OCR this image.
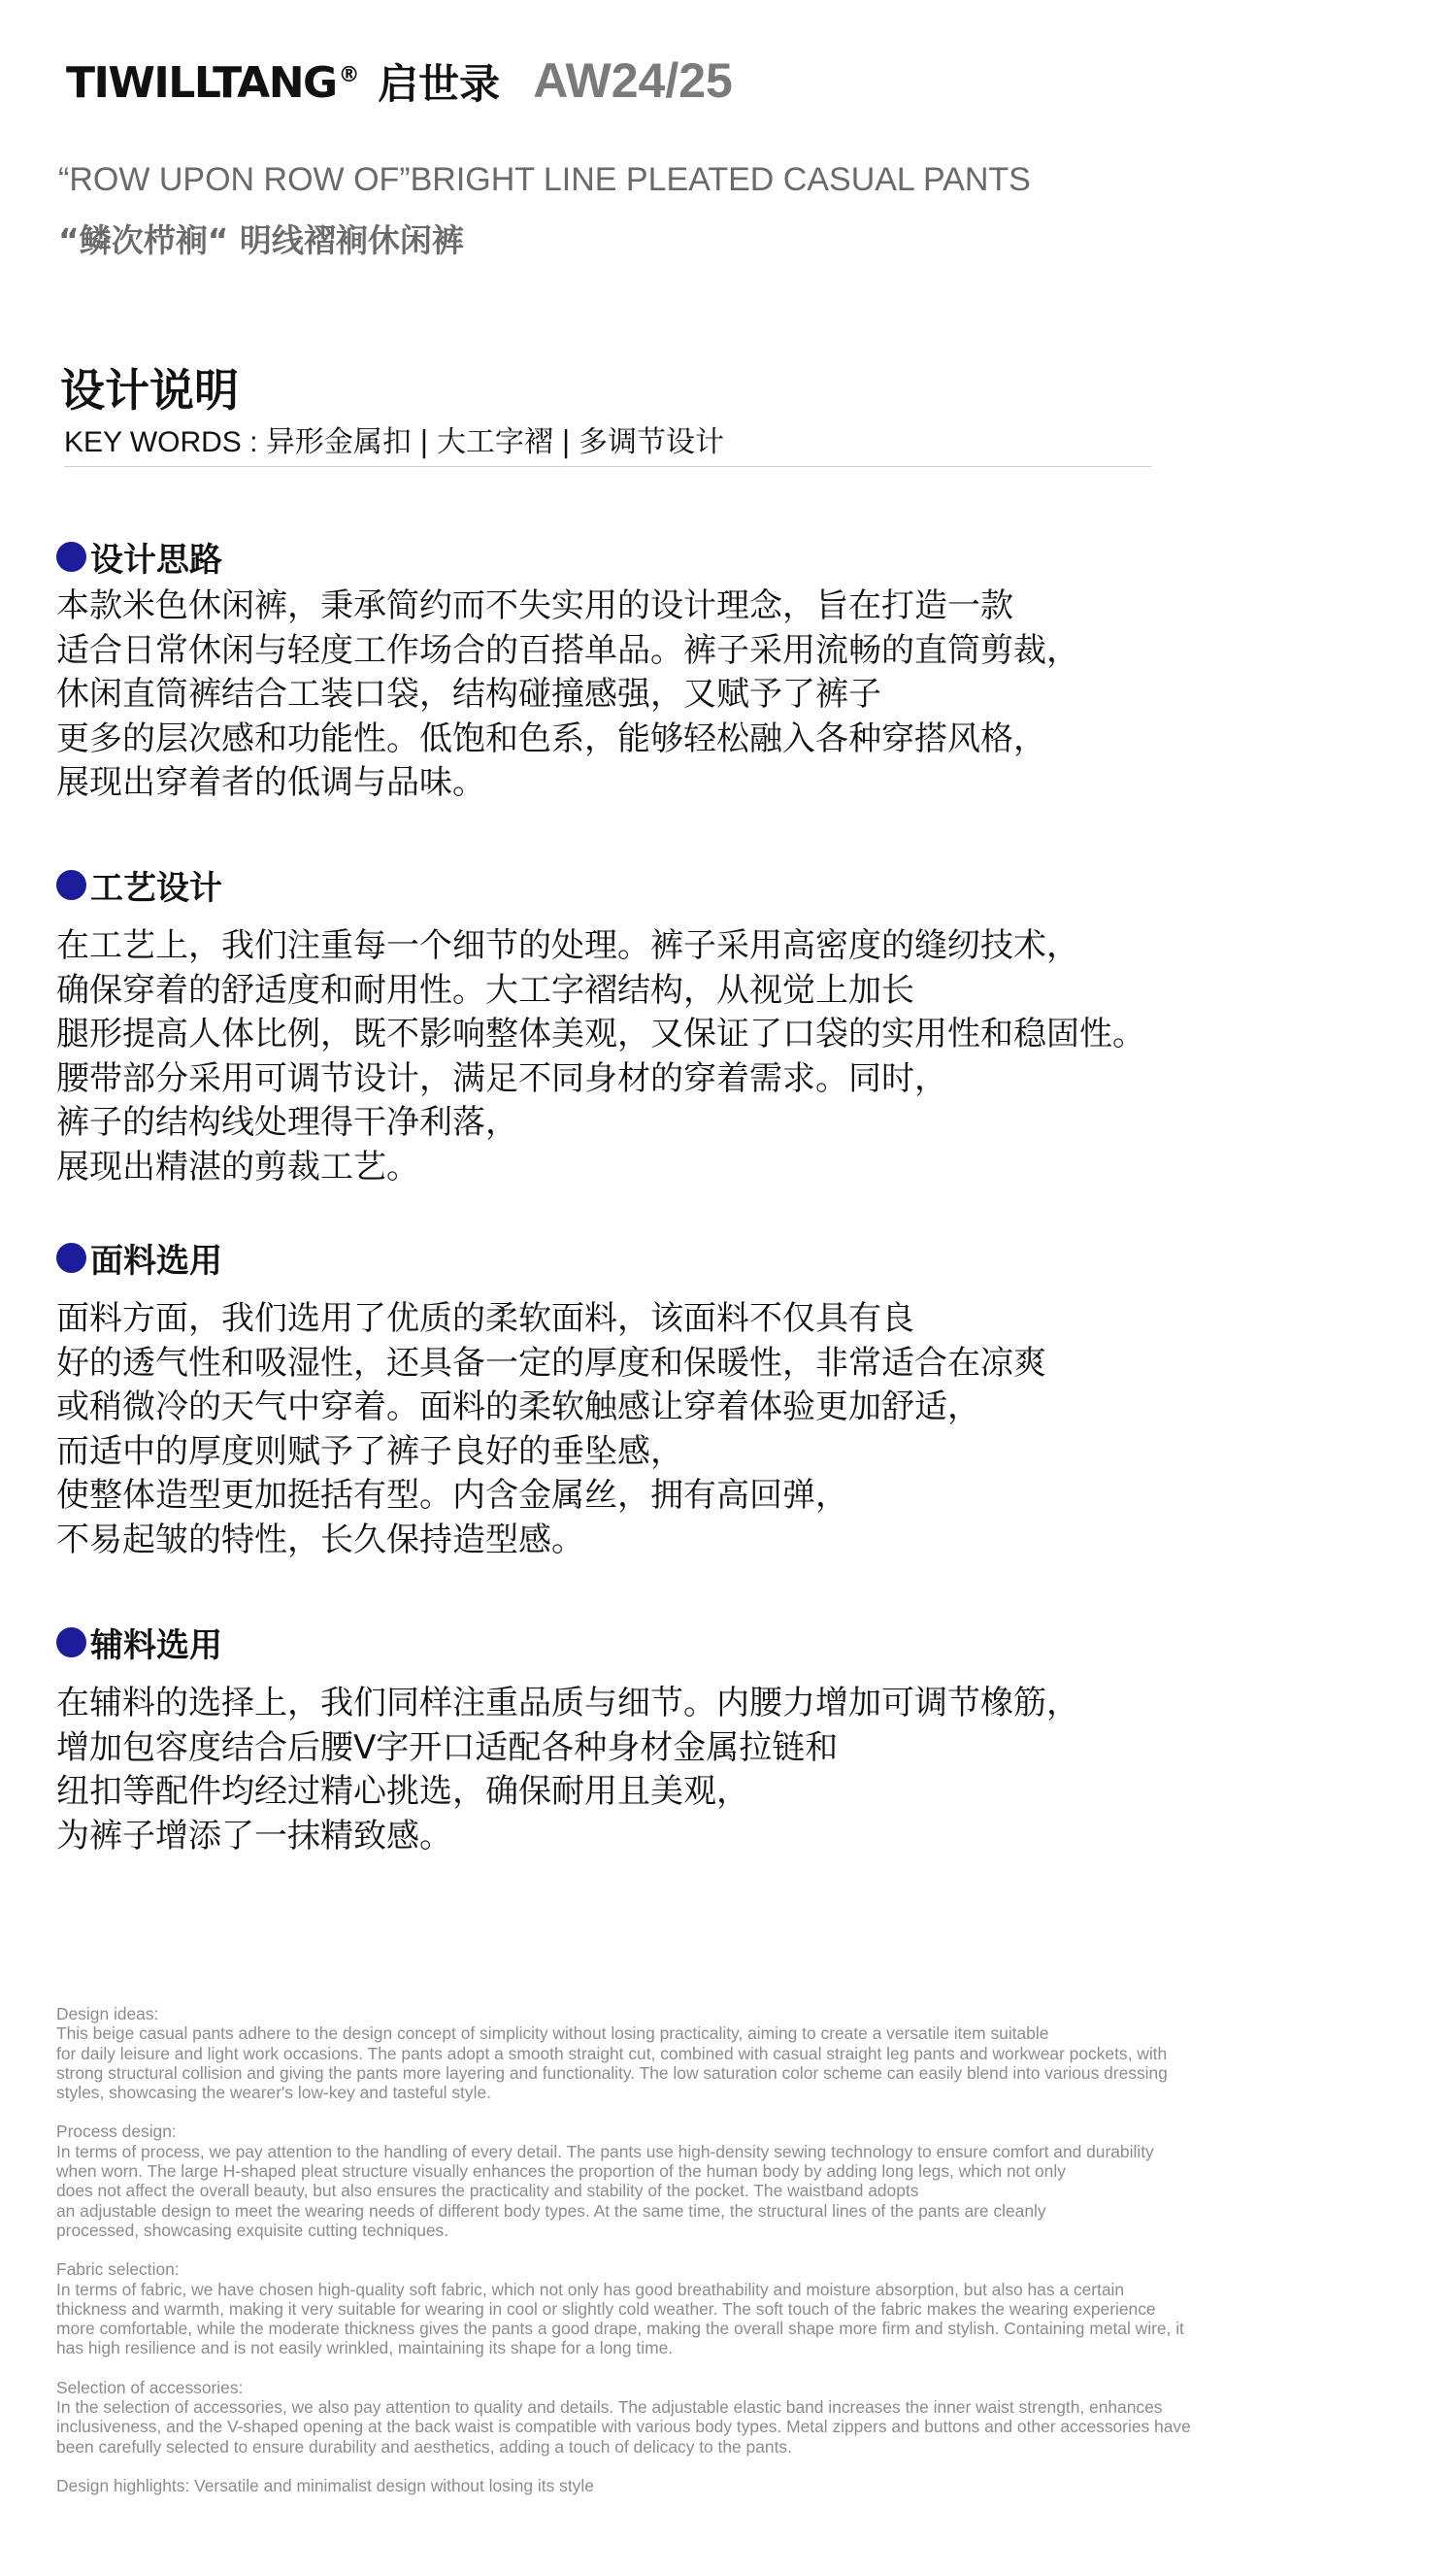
TIWILLTANG® 启世录 AW24/25
“ROW UPON ROW OF”BRIGHT LINE PLEATED CASUAL PANTS
“鳞次栉裥“ 明线褶裥休闲裤
设计说明
KEY WORDS : 异形金属扣 | 大工字褶 | 多调节设计
设计思路
本款米色休闲裤，秉承简约而不失实用的设计理念，旨在打造一款
适合日常休闲与轻度工作场合的百搭单品。裤子采用流畅的直筒剪裁，
休闲直筒裤结合工装口袋，结构碰撞感强，又赋予了裤子
更多的层次感和功能性。低饱和色系，能够轻松融入各种穿搭风格，
展现出穿着者的低调与品味。
工艺设计
在工艺上，我们注重每一个细节的处理。裤子采用高密度的缝纫技术，
确保穿着的舒适度和耐用性。大工字褶结构，从视觉上加长
腿形提高人体比例，既不影响整体美观，又保证了口袋的实用性和稳固性。
腰带部分采用可调节设计，满足不同身材的穿着需求。同时，
裤子的结构线处理得干净利落，
展现出精湛的剪裁工艺。
面料选用
面料方面，我们选用了优质的柔软面料，该面料不仅具有良
好的透气性和吸湿性，还具备一定的厚度和保暖性，非常适合在凉爽
或稍微冷的天气中穿着。面料的柔软触感让穿着体验更加舒适，
而适中的厚度则赋予了裤子良好的垂坠感，
使整体造型更加挺括有型。内含金属丝，拥有高回弹，
不易起皱的特性，长久保持造型感。
辅料选用
在辅料的选择上，我们同样注重品质与细节。内腰力增加可调节橡筋，
增加包容度结合后腰V字开口适配各种身材金属拉链和
纽扣等配件均经过精心挑选，确保耐用且美观，
为裤子增添了一抹精致感。
Design ideas:
This beige casual pants adhere to the design concept of simplicity without losing practicality, aiming to create a versatile item suitable
for daily leisure and light work occasions. The pants adopt a smooth straight cut, combined with casual straight leg pants and workwear pockets, with
strong structural collision and giving the pants more layering and functionality. The low saturation color scheme can easily blend into various dressing
styles, showcasing the wearer's low-key and tasteful style.
Process design:
In terms of process, we pay attention to the handling of every detail. The pants use high-density sewing technology to ensure comfort and durability
when worn. The large H-shaped pleat structure visually enhances the proportion of the human body by adding long legs, which not only
does not affect the overall beauty, but also ensures the practicality and stability of the pocket. The waistband adopts
an adjustable design to meet the wearing needs of different body types. At the same time, the structural lines of the pants are cleanly
processed, showcasing exquisite cutting techniques.
Fabric selection:
In terms of fabric, we have chosen high-quality soft fabric, which not only has good breathability and moisture absorption, but also has a certain
thickness and warmth, making it very suitable for wearing in cool or slightly cold weather. The soft touch of the fabric makes the wearing experience
more comfortable, while the moderate thickness gives the pants a good drape, making the overall shape more firm and stylish. Containing metal wire, it
has high resilience and is not easily wrinkled, maintaining its shape for a long time.
Selection of accessories:
In the selection of accessories, we also pay attention to quality and details. The adjustable elastic band increases the inner waist strength, enhances
inclusiveness, and the V-shaped opening at the back waist is compatible with various body types. Metal zippers and buttons and other accessories have
been carefully selected to ensure durability and aesthetics, adding a touch of delicacy to the pants.
Design highlights: Versatile and minimalist design without losing its style
